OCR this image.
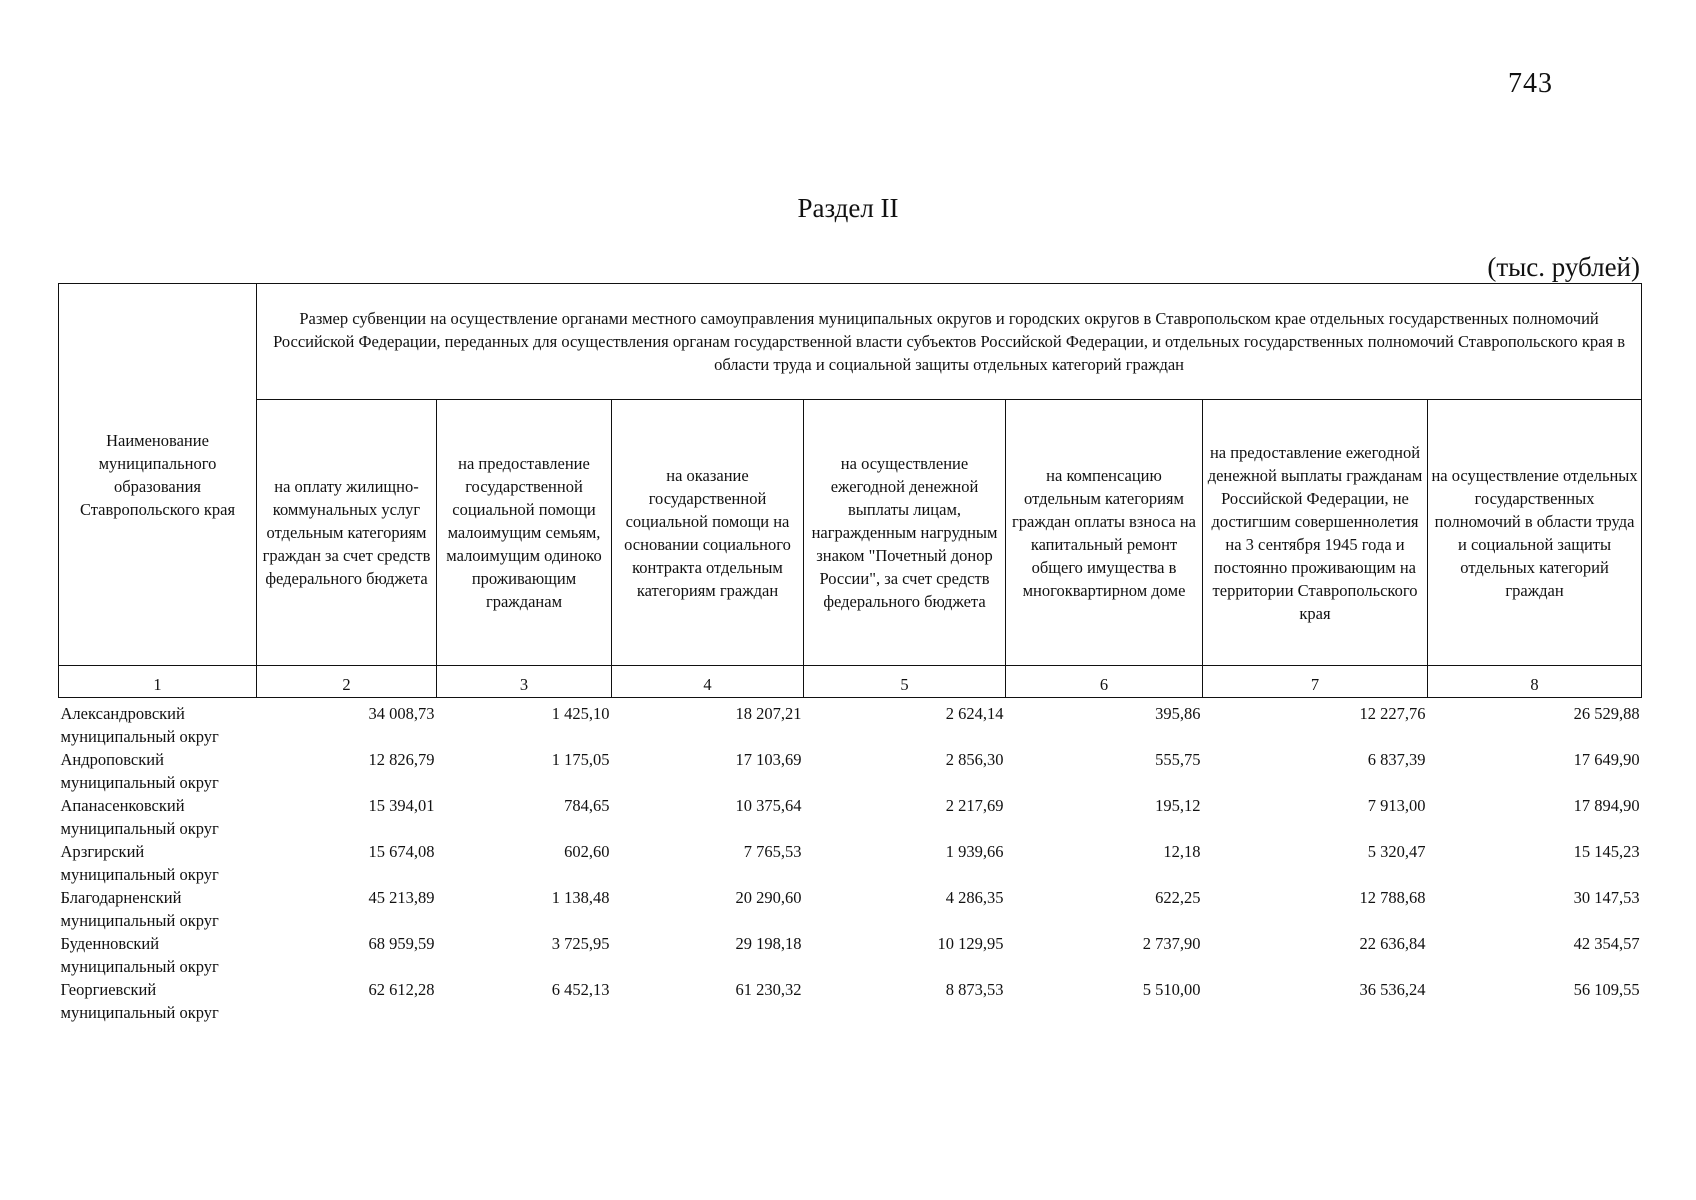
743
Раздел II
(тыс. рублей)
Наименование муниципального образования Ставропольского края	Размер субвенции на осуществление органами местного самоуправления муниципальных округов и городских округов в Ставропольском крае отдельных государственных полномочий Российской Федерации, переданных для осуществления органам государственной власти субъектов Российской Федерации, и отдельных государственных полномочий Ставропольского края в области труда и социальной защиты отдельных категорий граждан						
	на оплату жилищно-коммунальных услуг отдельным категориям граждан за счет средств федерального бюджета	на предоставление государственной социальной помощи малоимущим семьям, малоимущим одиноко проживающим гражданам	на оказание государственной социальной помощи на основании социального контракта отдельным категориям граждан	на осуществление ежегодной денежной выплаты лицам, награжденным нагрудным знаком "Почетный донор России", за счет средств федерального бюджета	на компенсацию отдельным категориям граждан оплаты взноса на капитальный ремонт общего имущества в многоквартирном доме	на предоставление ежегодной денежной выплаты гражданам Российской Федерации, не достигшим совершеннолетия на 3 сентября 1945 года и постоянно проживающим на территории Ставропольского края	на осуществление отдельных государственных полномочий в области труда и социальной защиты отдельных категорий граждан
1	2	3	4	5	6	7	8
Александровский муниципальный округ	34 008,73	1 425,10	18 207,21	2 624,14	395,86	12 227,76	26 529,88
Андроповский муниципальный округ	12 826,79	1 175,05	17 103,69	2 856,30	555,75	6 837,39	17 649,90
Апанасенковский муниципальный округ	15 394,01	784,65	10 375,64	2 217,69	195,12	7 913,00	17 894,90
Арзгирский муниципальный округ	15 674,08	602,60	7 765,53	1 939,66	12,18	5 320,47	15 145,23
Благодарненский муниципальный округ	45 213,89	1 138,48	20 290,60	4 286,35	622,25	12 788,68	30 147,53
Буденновский муниципальный округ	68 959,59	3 725,95	29 198,18	10 129,95	2 737,90	22 636,84	42 354,57
Георгиевский муниципальный округ	62 612,28	6 452,13	61 230,32	8 873,53	5 510,00	36 536,24	56 109,55
